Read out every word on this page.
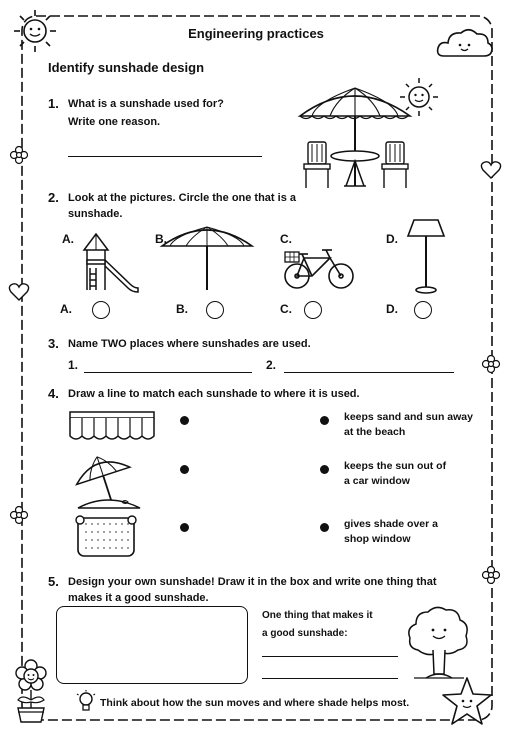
Engineering practices
Identify sunshade design
1. What is a sunshade used for?
Write one reason.
2. Look at the pictures. Circle the one that is a
sunshade.
A.	B.	C.	D.
A.	B.	C.	D.
3. Name TWO places where sunshades are used.
1.	2.
4. Draw a line to match each sunshade to where it is used.
keeps sand and sun away
at the beach
keeps the sun out of
a car window
gives shade over a
shop window
5. Design your own sunshade! Draw it in the box and write one thing that
makes it a good sunshade.
One thing that makes it
a good sunshade:
Think about how the sun moves and where shade helps most.
